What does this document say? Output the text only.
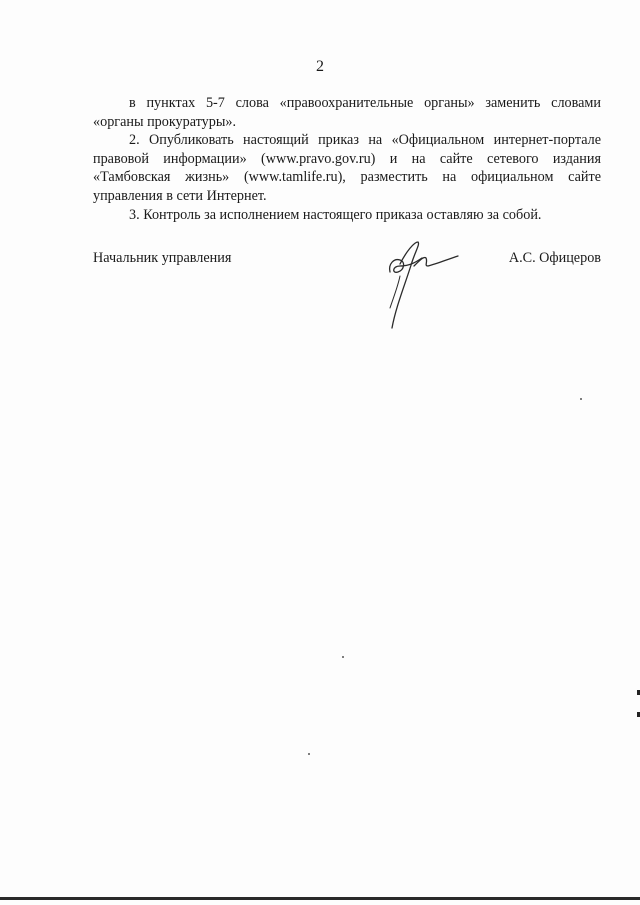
2

в пунктах 5-7 слова «правоохранительные органы» заменить словами «органы прокуратуры».

2. Опубликовать настоящий приказ на «Официальном интернет-портале правовой информации» (www.pravo.gov.ru) и на сайте сетевого издания «Тамбовская жизнь» (www.tamlife.ru), разместить на официальном сайте управления в сети Интернет.

3. Контроль за исполнением настоящего приказа оставляю за собой.

Начальник управления	А.С. Офицеров
